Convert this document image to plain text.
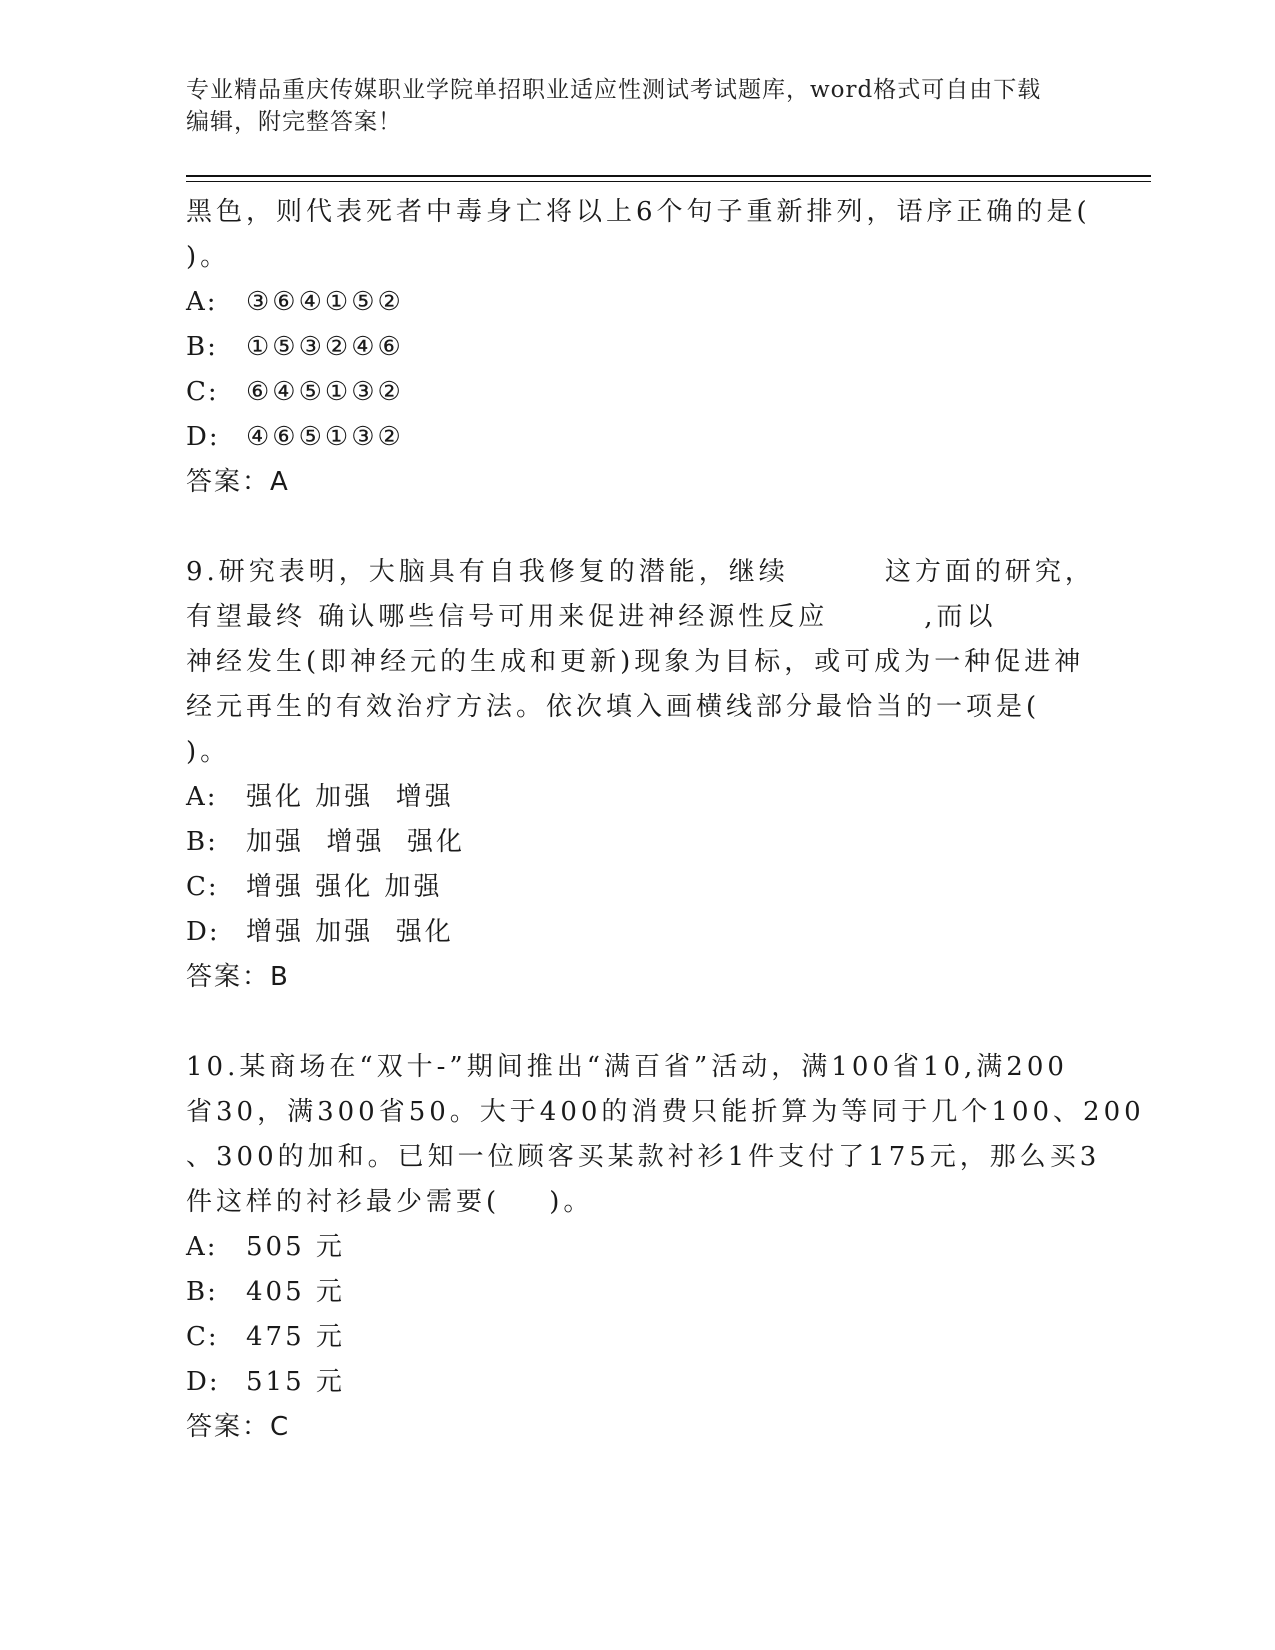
专业精品重庆传媒职业学院单招职业适应性测试考试题库，word格式可自由下载
编辑，附完整答案！
黑色，则代表死者中毒身亡将以上6个句子重新排列，语序正确的是(
)。
A:	③⑥④①⑤②
B:	①⑤③②④⑥
C:	⑥④⑤①③②
D:	④⑥⑤①③②
答案：A
9.研究表明，大脑具有自我修复的潜能，继续	这方面的研究，
有望最终 确认哪些信号可用来促进神经源性反应	,而以
神经发生(即神经元的生成和更新)现象为目标，或可成为一种促进神
经元再生的有效治疗方法。依次填入画横线部分最恰当的一项是(
)。
A:	强化 加强  增强
B:	加强  增强  强化
C:	增强 强化 加强
D:	增强 加强  强化
答案：B
10.某商场在“双十-”期间推出“满百省”活动，满100省10,满200
省30，满300省50。大于400的消费只能折算为等同于几个100、200
、300的加和。已知一位顾客买某款衬衫1件支付了175元，那么买3
件这样的衬衫最少需要(    )。
A:	505 元
B:	405 元
C:	475 元
D:	515 元
答案：C
